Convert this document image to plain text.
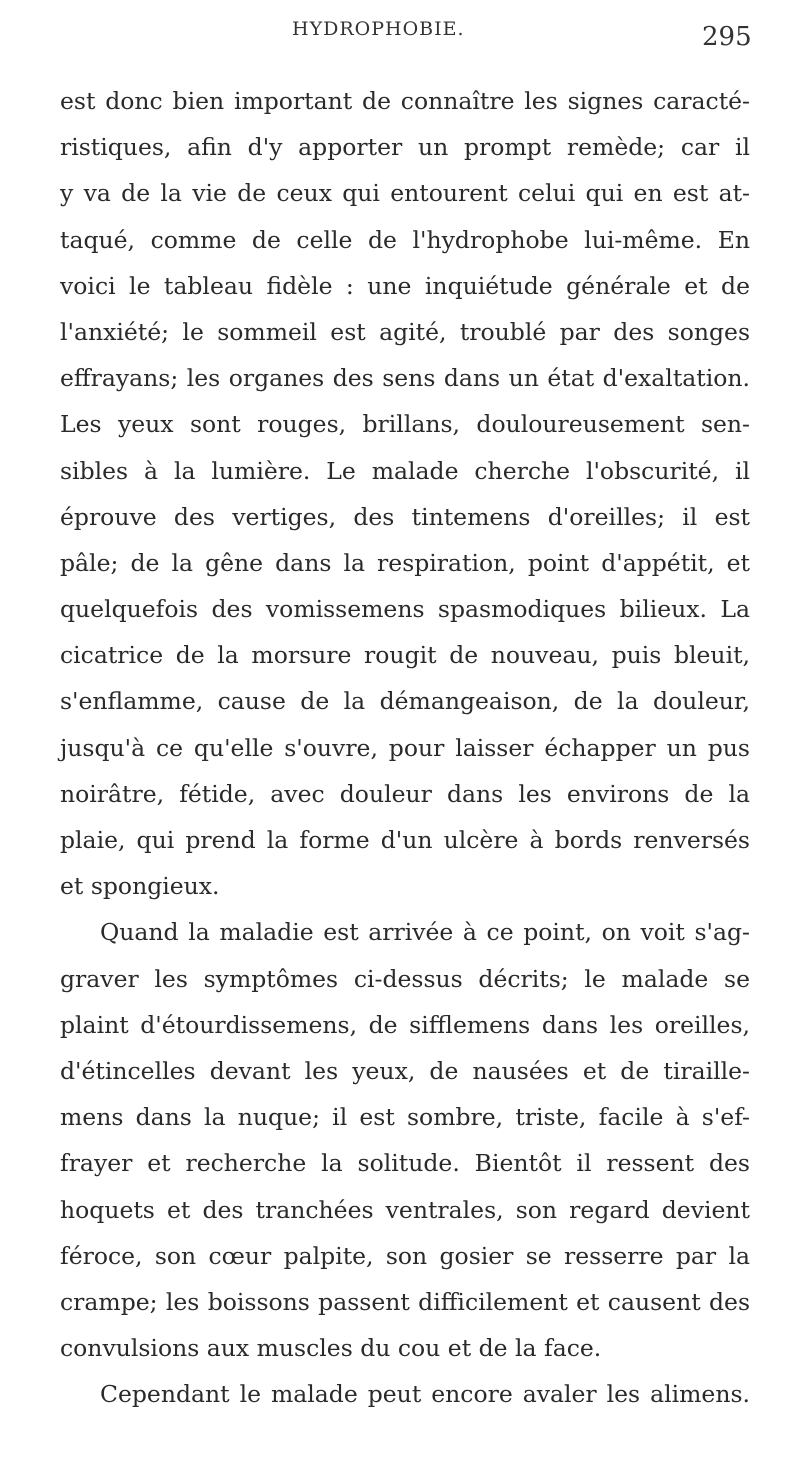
HYDROPHOBIE.	295
est donc bien important de connaître les signes caracté-
ristiques, afin d'y apporter un prompt remède; car il
y va de la vie de ceux qui entourent celui qui en est at-
taqué, comme de celle de l'hydrophobe lui-même. En
voici le tableau fidèle : une inquiétude générale et de
l'anxiété; le sommeil est agité, troublé par des songes
effrayans; les organes des sens dans un état d'exaltation.
Les yeux sont rouges, brillans, douloureusement sen-
sibles à la lumière. Le malade cherche l'obscurité, il
éprouve des vertiges, des tintemens d'oreilles; il est
pâle; de la gêne dans la respiration, point d'appétit, et
quelquefois des vomissemens spasmodiques bilieux. La
cicatrice de la morsure rougit de nouveau, puis bleuit,
s'enflamme, cause de la démangeaison, de la douleur,
jusqu'à ce qu'elle s'ouvre, pour laisser échapper un pus
noirâtre, fétide, avec douleur dans les environs de la
plaie, qui prend la forme d'un ulcère à bords renversés
et spongieux.
Quand la maladie est arrivée à ce point, on voit s'ag-
graver les symptômes ci-dessus décrits; le malade se
plaint d'étourdissemens, de sifflemens dans les oreilles,
d'étincelles devant les yeux, de nausées et de tiraille-
mens dans la nuque; il est sombre, triste, facile à s'ef-
frayer et recherche la solitude. Bientôt il ressent des
hoquets et des tranchées ventrales, son regard devient
féroce, son cœur palpite, son gosier se resserre par la
crampe; les boissons passent difficilement et causent des
convulsions aux muscles du cou et de la face.
Cependant le malade peut encore avaler les alimens.
